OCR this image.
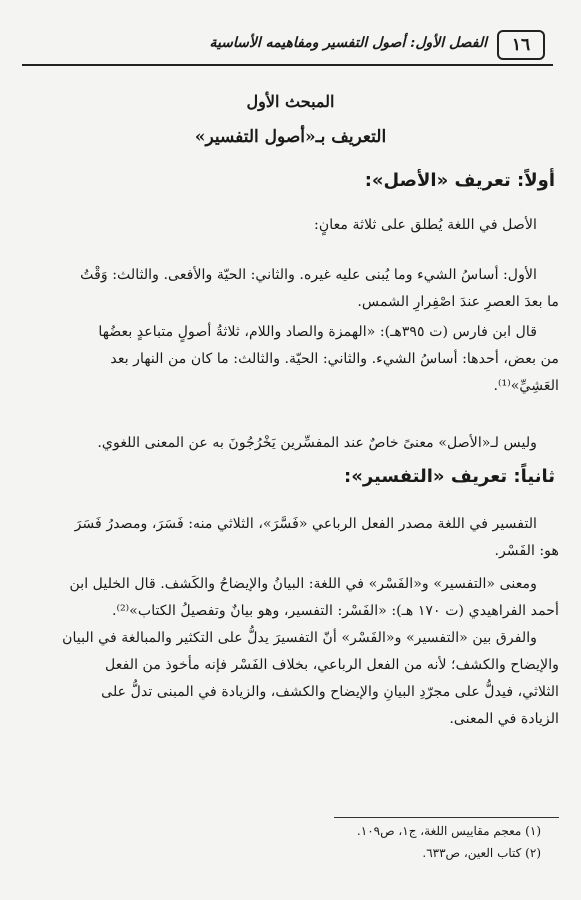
١٦
الفصل الأول: أصول التفسير ومفاهيمه الأساسية
المبحث الأول
التعريف بـ«أصول التفسير»
أولاً: تعريف «الأصل»:
الأصل في اللغة يُطلق على ثلاثة معانٍ:
الأول: أساسُ الشيء وما يُبنى عليه غيره. والثاني: الحيّة والأفعى. والثالث: وَقْتُ
ما بعدَ العصرِ عندَ اصْفِرارِ الشمس.
قال ابن فارس (ت ٣٩٥هـ): «الهمزة والصاد واللام، ثلاثةُ أصولٍ متباعدٍ بعضُها
من بعض، أحدها: أساسُ الشيء. والثاني: الحيّة. والثالث: ما كان من النهار بعد
العَشِيِّ»⁽¹⁾.
وليس لـ«الأصل» معنىً خاصٌ عند المفسِّرين يَخْرُجُونَ به عن المعنى اللغوي.
ثانياً: تعريف «التفسير»:
التفسير في اللغة مصدر الفعل الرباعي «فَسَّرَ»، الثلاثي منه: فَسَرَ، ومصدرُ فَسَرَ
هو: الفَسْر.
ومعنى «التفسير» و«الفَسْر» في اللغة: البيانُ والإيضاحُ والكَشف. قال الخليل ابن
أحمد الفراهيدي (ت ١٧٠ هـ): «الفَسْر: التفسير، وهو بيانٌ وتفصيلُ الكتاب»⁽²⁾.
والفرق بين «التفسير» و«الفَسْر» أنّ التفسيرَ يدلُّ على التكثير والمبالغة في البيان
والإيضاح والكشف؛ لأنه من الفعل الرباعي، بخلاف الفَسْر فإنه مأخوذ من الفعل
الثلاثي، فيدلُّ على مجرّدِ البيانِ والإيضاح والكشف، والزيادة في المبنى تدلُّ على
الزيادة في المعنى.
(١) معجم مقاييس اللغة، ج١، ص١٠٩.
(٢) كتاب العين، ص٦٣٣.
